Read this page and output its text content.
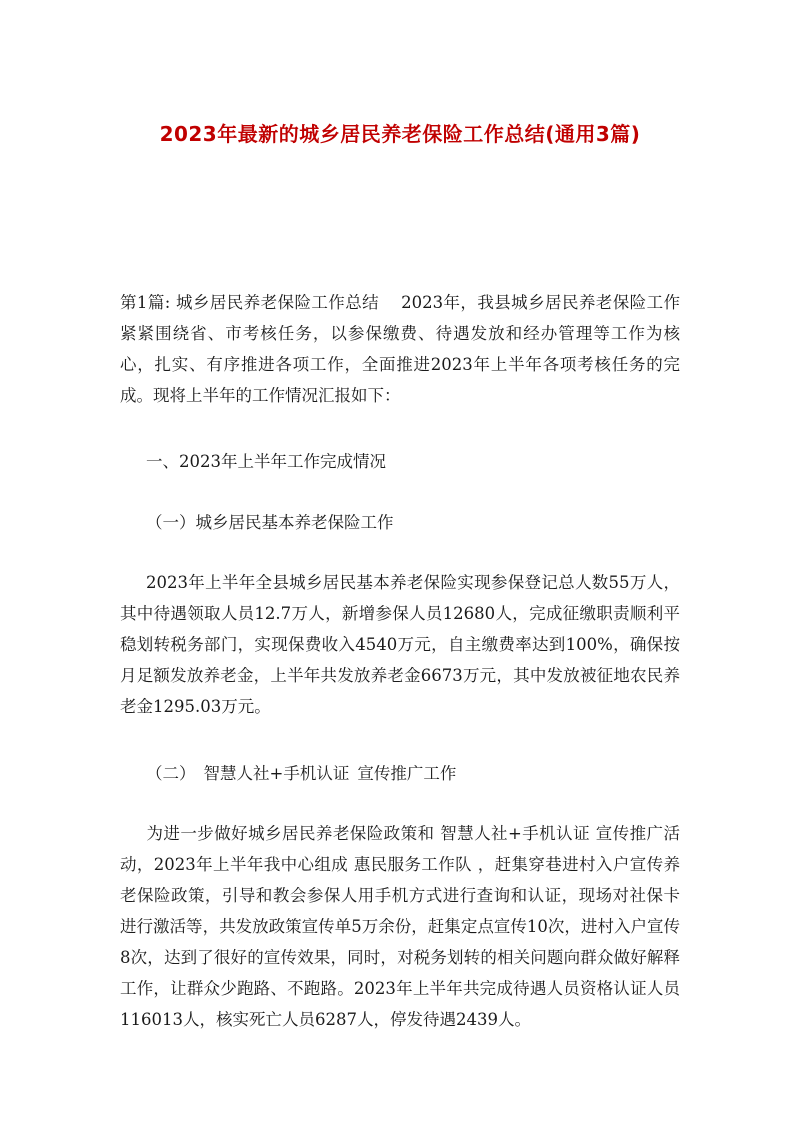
2023年最新的城乡居民养老保险工作总结(通用3篇)

第1篇: 城乡居民养老保险工作总结 2023年，我县城乡居民养老保险工作紧紧围绕省、市考核任务，以参保缴费、待遇发放和经办管理等工作为核心，扎实、有序推进各项工作，全面推进2023年上半年各项考核任务的完成。现将上半年的工作情况汇报如下：

一、2023年上半年工作完成情况

（一）城乡居民基本养老保险工作

2023年上半年全县城乡居民基本养老保险实现参保登记总人数55万人，其中待遇领取人员12.7万人，新增参保人员12680人，完成征缴职责顺利平稳划转税务部门，实现保费收入4540万元，自主缴费率达到100%，确保按月足额发放养老金，上半年共发放养老金6673万元，其中发放被征地农民养老金1295.03万元。

（二） 智慧人社+手机认证 宣传推广工作

为进一步做好城乡居民养老保险政策和 智慧人社+手机认证 宣传推广活动，2023年上半年我中心组成 惠民服务工作队 ，赶集穿巷进村入户宣传养老保险政策，引导和教会参保人用手机方式进行查询和认证，现场对社保卡进行激活等，共发放政策宣传单5万余份，赶集定点宣传10次，进村入户宣传8次，达到了很好的宣传效果，同时，对税务划转的相关问题向群众做好解释工作，让群众少跑路、不跑路。2023年上半年共完成待遇人员资格认证人员116013人，核实死亡人员6287人，停发待遇2439人。
